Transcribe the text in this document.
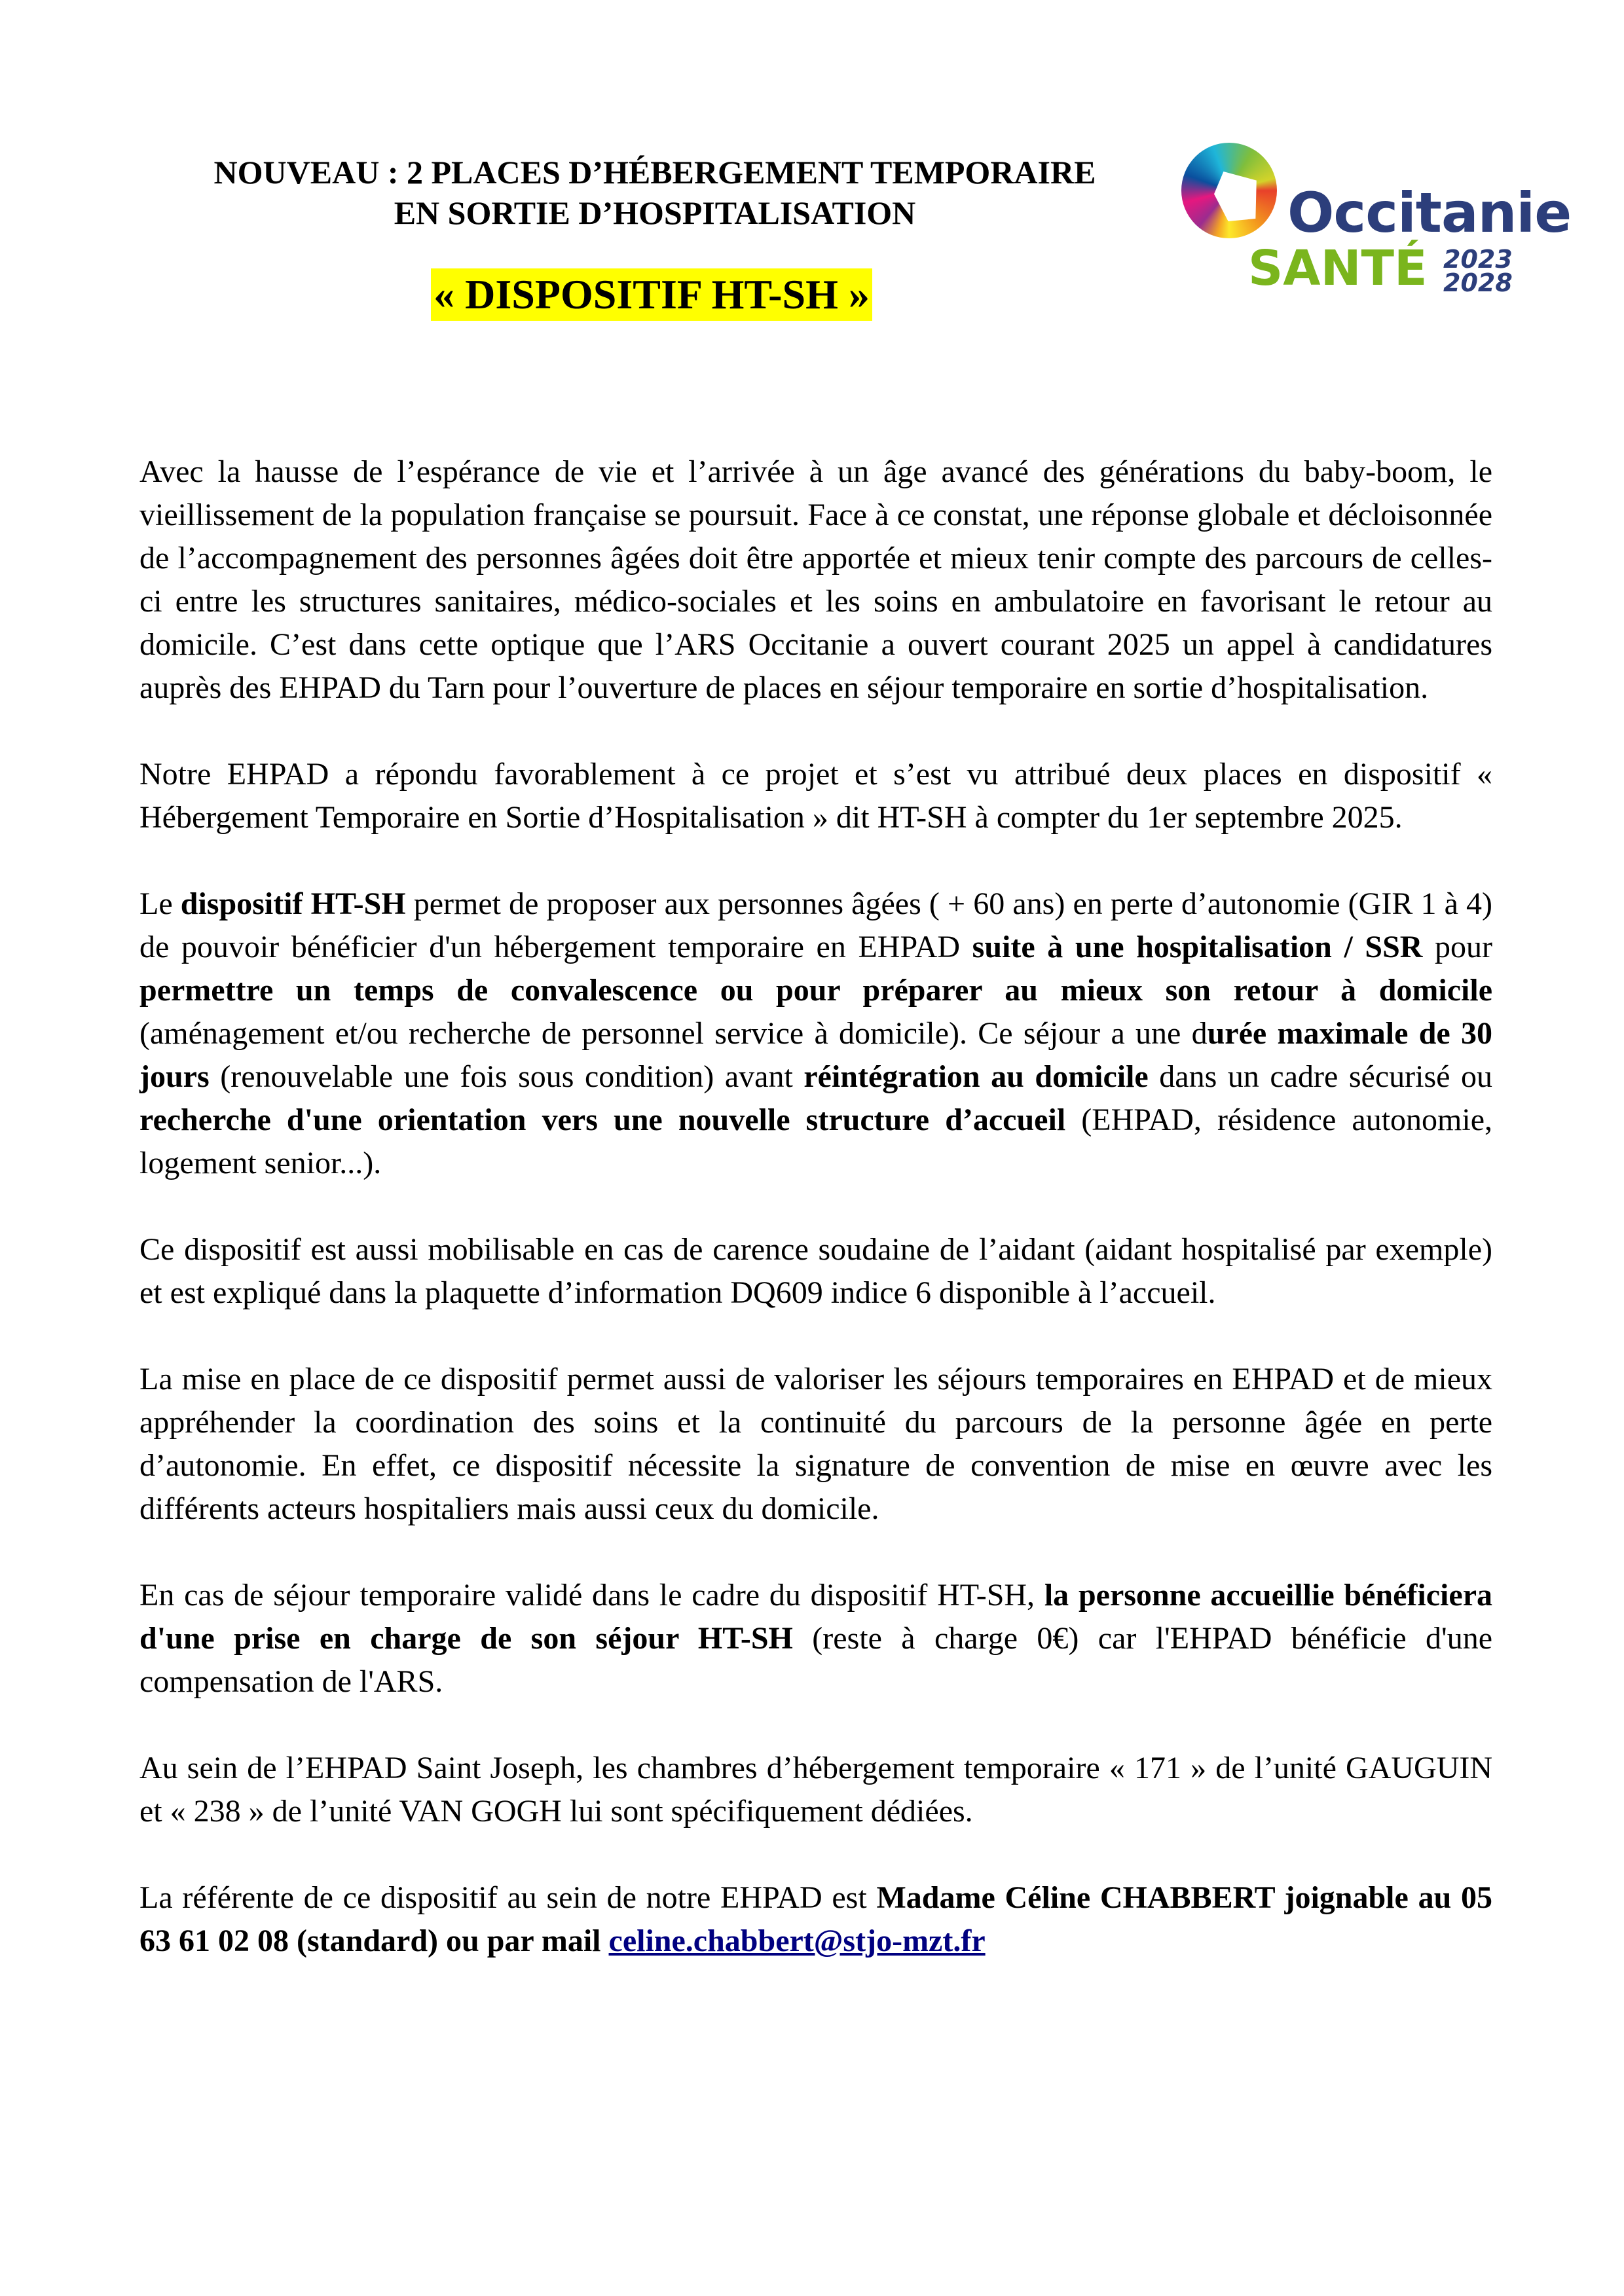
NOUVEAU : 2 PLACES D’HÉBERGEMENT TEMPORAIRE
EN SORTIE D’HOSPITALISATION
« DISPOSITIF HT-SH »
Occitanie
SANTÉ 2023
2028

Avec la hausse de l’espérance de vie et l’arrivée à un âge avancé des générations du baby-boom, le vieillissement de la population française se poursuit. Face à ce constat, une réponse globale et décloisonnée de l’accompagnement des personnes âgées doit être apportée et mieux tenir compte des parcours de celles-ci entre les structures sanitaires, médico-sociales et les soins en ambulatoire en favorisant le retour au domicile. C’est dans cette optique que l’ARS Occitanie a ouvert courant 2025 un appel à candidatures auprès des EHPAD du Tarn pour l’ouverture de places en séjour temporaire en sortie d’hospitalisation.

Notre EHPAD a répondu favorablement à ce projet et s’est vu attribué deux places en dispositif « Hébergement Temporaire en Sortie d’Hospitalisation » dit HT-SH à compter du 1er septembre 2025.

Le dispositif HT-SH permet de proposer aux personnes âgées ( + 60 ans) en perte d’autonomie (GIR 1 à 4) de pouvoir bénéficier d'un hébergement temporaire en EHPAD suite à une hospitalisation / SSR pour permettre un temps de convalescence ou pour préparer au mieux son retour à domicile (aménagement et/ou recherche de personnel service à domicile). Ce séjour a une durée maximale de 30 jours (renouvelable une fois sous condition) avant réintégration au domicile dans un cadre sécurisé ou recherche d'une orientation vers une nouvelle structure d’accueil (EHPAD, résidence autonomie, logement senior...).

Ce dispositif est aussi mobilisable en cas de carence soudaine de l’aidant (aidant hospitalisé par exemple) et est expliqué dans la plaquette d’information DQ609 indice 6 disponible à l’accueil.

La mise en place de ce dispositif permet aussi de valoriser les séjours temporaires en EHPAD et de mieux appréhender la coordination des soins et la continuité du parcours de la personne âgée en perte d’autonomie. En effet, ce dispositif nécessite la signature de convention de mise en œuvre avec les différents acteurs hospitaliers mais aussi ceux du domicile.

En cas de séjour temporaire validé dans le cadre du dispositif HT-SH, la personne accueillie bénéficiera d'une prise en charge de son séjour HT-SH (reste à charge 0€) car l'EHPAD bénéficie d'une compensation de l'ARS.

Au sein de l’EHPAD Saint Joseph, les chambres d’hébergement temporaire « 171 » de l’unité GAUGUIN et « 238 » de l’unité VAN GOGH lui sont spécifiquement dédiées.

La référente de ce dispositif au sein de notre EHPAD est Madame Céline CHABBERT joignable au 05 63 61 02 08 (standard) ou par mail celine.chabbert@stjo-mzt.fr
